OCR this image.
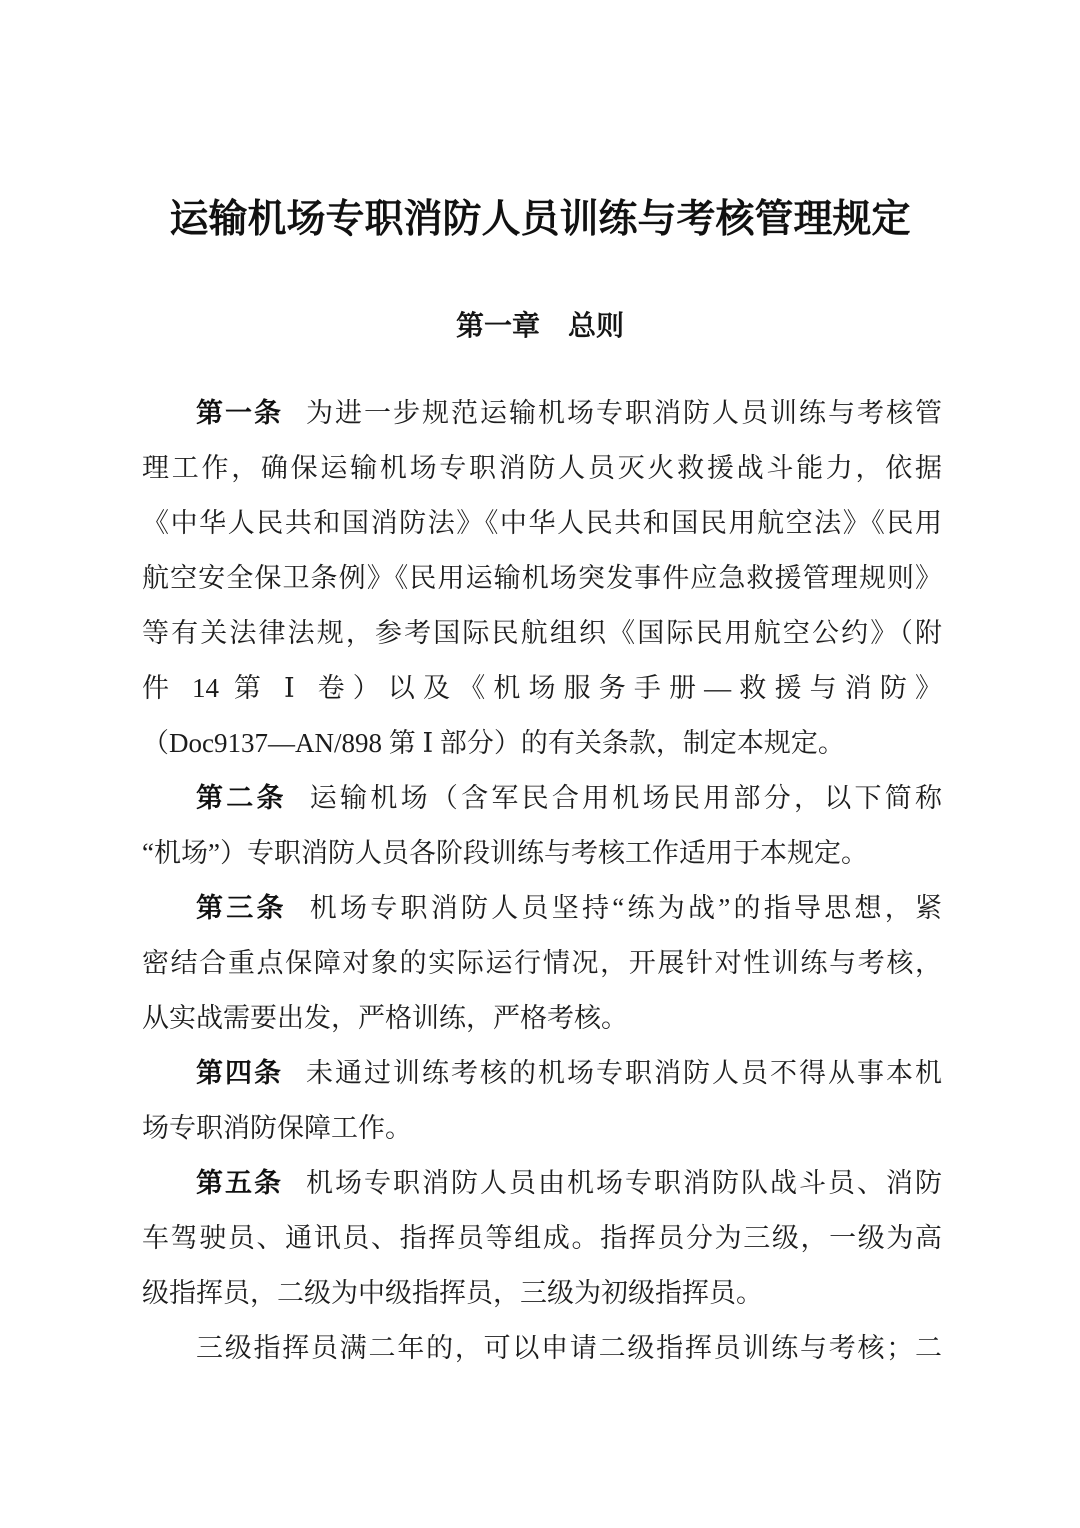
运输机场专职消防人员训练与考核管理规定
第一章　总则
第一条 为进一步规范运输机场专职消防人员训练与考核管
理工作，确保运输机场专职消防人员灭火救援战斗能力，依据
《中华人民共和国消防法》《中华人民共和国民用航空法》《民用
航空安全保卫条例》《民用运输机场突发事件应急救援管理规则》
等有关法律法规，参考国际民航组织《国际民用航空公约》（附
件 14 第 Ⅰ 卷）以及《机场服务手册—救援与消防》
（Doc9137—AN/898 第 Ⅰ 部分）的有关条款，制定本规定。
第二条 运输机场（含军民合用机场民用部分，以下简称
“机场”）专职消防人员各阶段训练与考核工作适用于本规定。
第三条 机场专职消防人员坚持“练为战”的指导思想，紧
密结合重点保障对象的实际运行情况，开展针对性训练与考核，
从实战需要出发，严格训练，严格考核。
第四条 未通过训练考核的机场专职消防人员不得从事本机
场专职消防保障工作。
第五条 机场专职消防人员由机场专职消防队战斗员、消防
车驾驶员、通讯员、指挥员等组成。指挥员分为三级，一级为高
级指挥员，二级为中级指挥员，三级为初级指挥员。
三级指挥员满二年的，可以申请二级指挥员训练与考核；二
